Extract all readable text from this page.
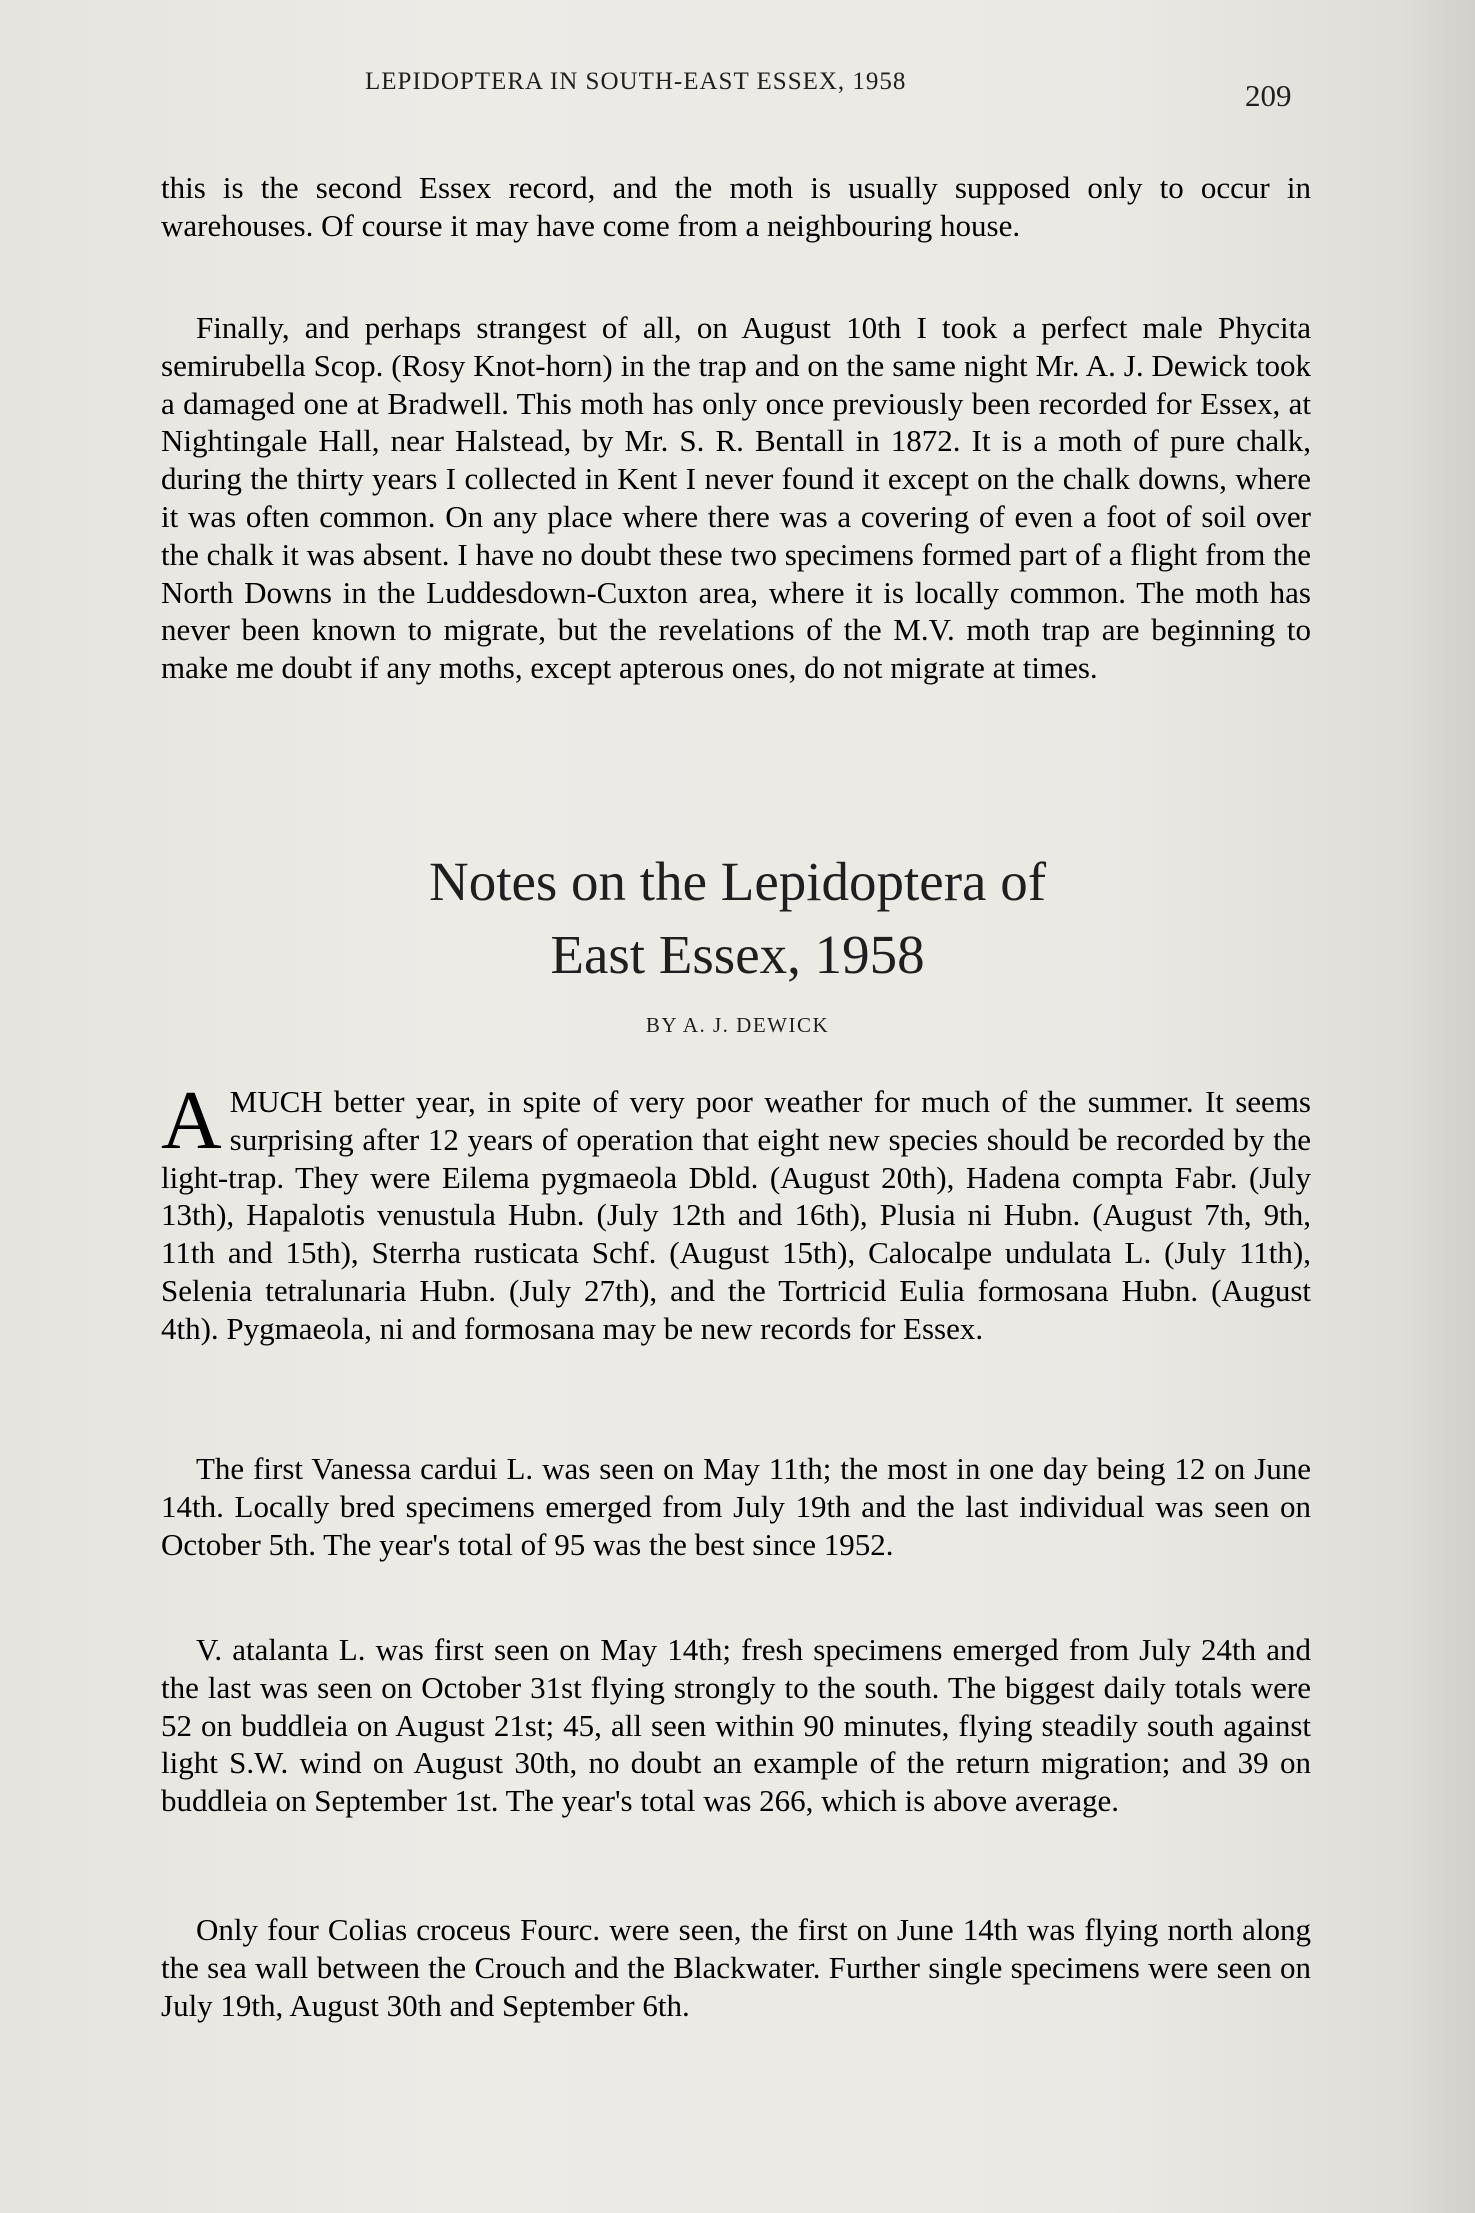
LEPIDOPTERA IN SOUTH-EAST ESSEX, 1958	209

this is the second Essex record, and the moth is usually supposed only to occur in warehouses. Of course it may have come from a neighbouring house.

Finally, and perhaps strangest of all, on August 10th I took a perfect male Phycita semirubella Scop. (Rosy Knot-horn) in the trap and on the same night Mr. A. J. Dewick took a damaged one at Bradwell. This moth has only once previously been recorded for Essex, at Nightingale Hall, near Halstead, by Mr. S. R. Bentall in 1872. It is a moth of pure chalk, during the thirty years I collected in Kent I never found it except on the chalk downs, where it was often common. On any place where there was a covering of even a foot of soil over the chalk it was absent. I have no doubt these two specimens formed part of a flight from the North Downs in the Luddesdown-Cuxton area, where it is locally common. The moth has never been known to migrate, but the revelations of the M.V. moth trap are beginning to make me doubt if any moths, except apterous ones, do not migrate at times.

Notes on the Lepidoptera of
East Essex, 1958
BY A. J. DEWICK

AMUCH better year, in spite of very poor weather for much of the summer. It seems surprising after 12 years of operation that eight new species should be recorded by the light-trap. They were Eilema pygmaeola Dbld. (August 20th), Hadena compta Fabr. (July 13th), Hapalotis venustula Hubn. (July 12th and 16th), Plusia ni Hubn. (August 7th, 9th, 11th and 15th), Sterrha rusticata Schf. (August 15th), Calocalpe undulata L. (July 11th), Selenia tetralunaria Hubn. (July 27th), and the Tortricid Eulia formosana Hubn. (August 4th). Pygmaeola, ni and formosana may be new records for Essex.

The first Vanessa cardui L. was seen on May 11th; the most in one day being 12 on June 14th. Locally bred specimens emerged from July 19th and the last individual was seen on October 5th. The year's total of 95 was the best since 1952.

V. atalanta L. was first seen on May 14th; fresh specimens emerged from July 24th and the last was seen on October 31st flying strongly to the south. The biggest daily totals were 52 on buddleia on August 21st; 45, all seen within 90 minutes, flying steadily south against light S.W. wind on August 30th, no doubt an example of the return migration; and 39 on buddleia on September 1st. The year's total was 266, which is above average.

Only four Colias croceus Fourc. were seen, the first on June 14th was flying north along the sea wall between the Crouch and the Blackwater. Further single specimens were seen on July 19th, August 30th and September 6th.
